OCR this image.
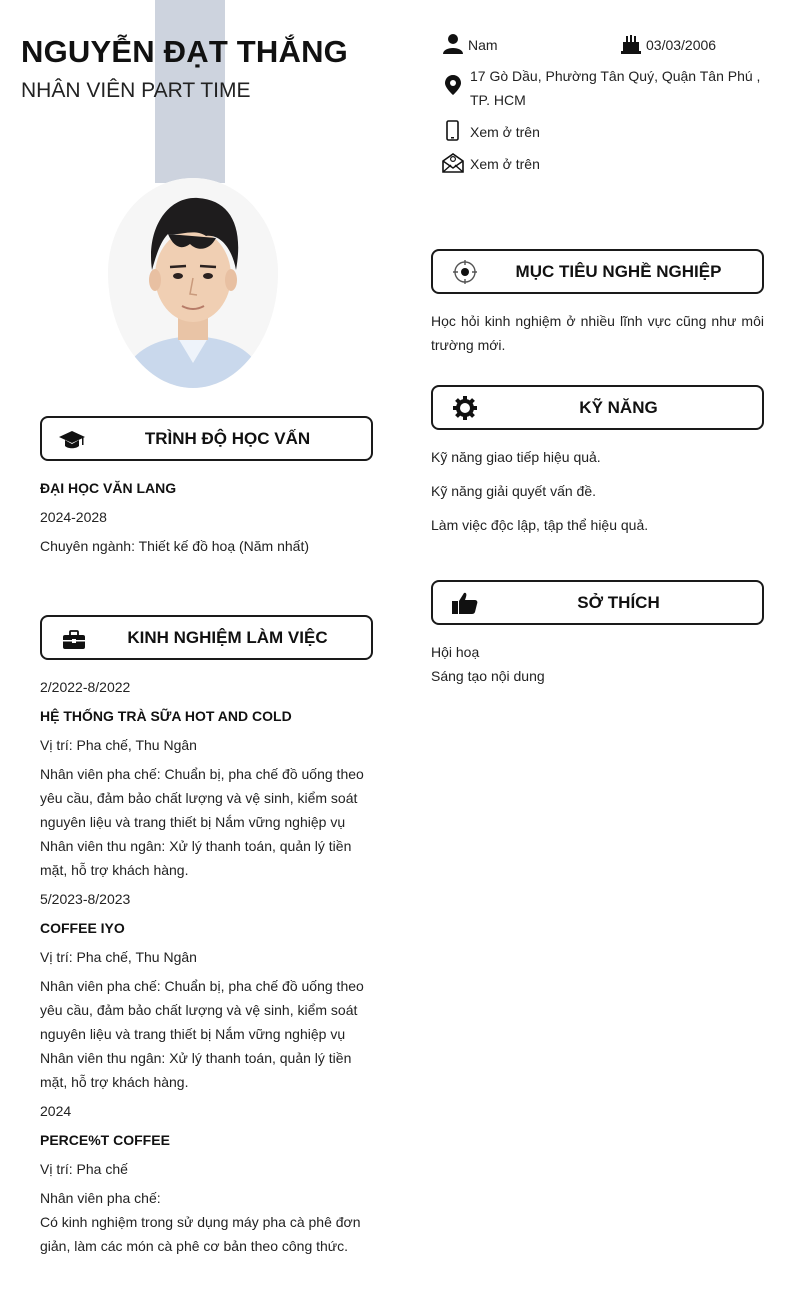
NGUYỄN ĐẠT THẮNG
NHÂN VIÊN PART TIME
Nam	03/03/2006
17 Gò Dầu, Phường Tân Quý, Quận Tân Phú , TP. HCM
Xem ở trên
Xem ở trên
TRÌNH ĐỘ HỌC VẤN
ĐẠI HỌC VĂN LANG
2024-2028
Chuyên ngành: Thiết kế đồ hoạ (Năm nhất)
KINH NGHIỆM LÀM VIỆC
2/2022-8/2022
HỆ THỐNG TRÀ SỮA HOT AND COLD
Vị trí: Pha chế, Thu Ngân

Nhân viên pha chế: Chuẩn bị, pha chế đồ uống theo
yêu cầu, đảm bảo chất lượng và vệ sinh, kiểm soát
nguyên liệu và trang thiết bị Nắm vững nghiệp vụ
Nhân viên thu ngân: Xử lý thanh toán, quản lý tiền
mặt, hỗ trợ khách hàng.

5/2023-8/2023
COFFEE IYO
Vị trí: Pha chế, Thu Ngân

Nhân viên pha chế: Chuẩn bị, pha chế đồ uống theo
yêu cầu, đảm bảo chất lượng và vệ sinh, kiểm soát
nguyên liệu và trang thiết bị Nắm vững nghiệp vụ
Nhân viên thu ngân: Xử lý thanh toán, quản lý tiền
mặt, hỗ trợ khách hàng.

2024
PERCE%T COFFEE
Vị trí: Pha chế

Nhân viên pha chế:
Có kinh nghiệm trong sử dụng máy pha cà phê đơn
giản, làm các món cà phê cơ bản theo công thức.

MỤC TIÊU NGHỀ NGHIỆP

Học hỏi kinh nghiệm ở nhiều lĩnh vực cũng như môi trường mới.

KỸ NĂNG
Kỹ năng giao tiếp hiệu quả.
Kỹ năng giải quyết vấn đề.
Làm việc độc lập, tập thể hiệu quả.
SỞ THÍCH
Hội hoạ
Sáng tạo nội dung
